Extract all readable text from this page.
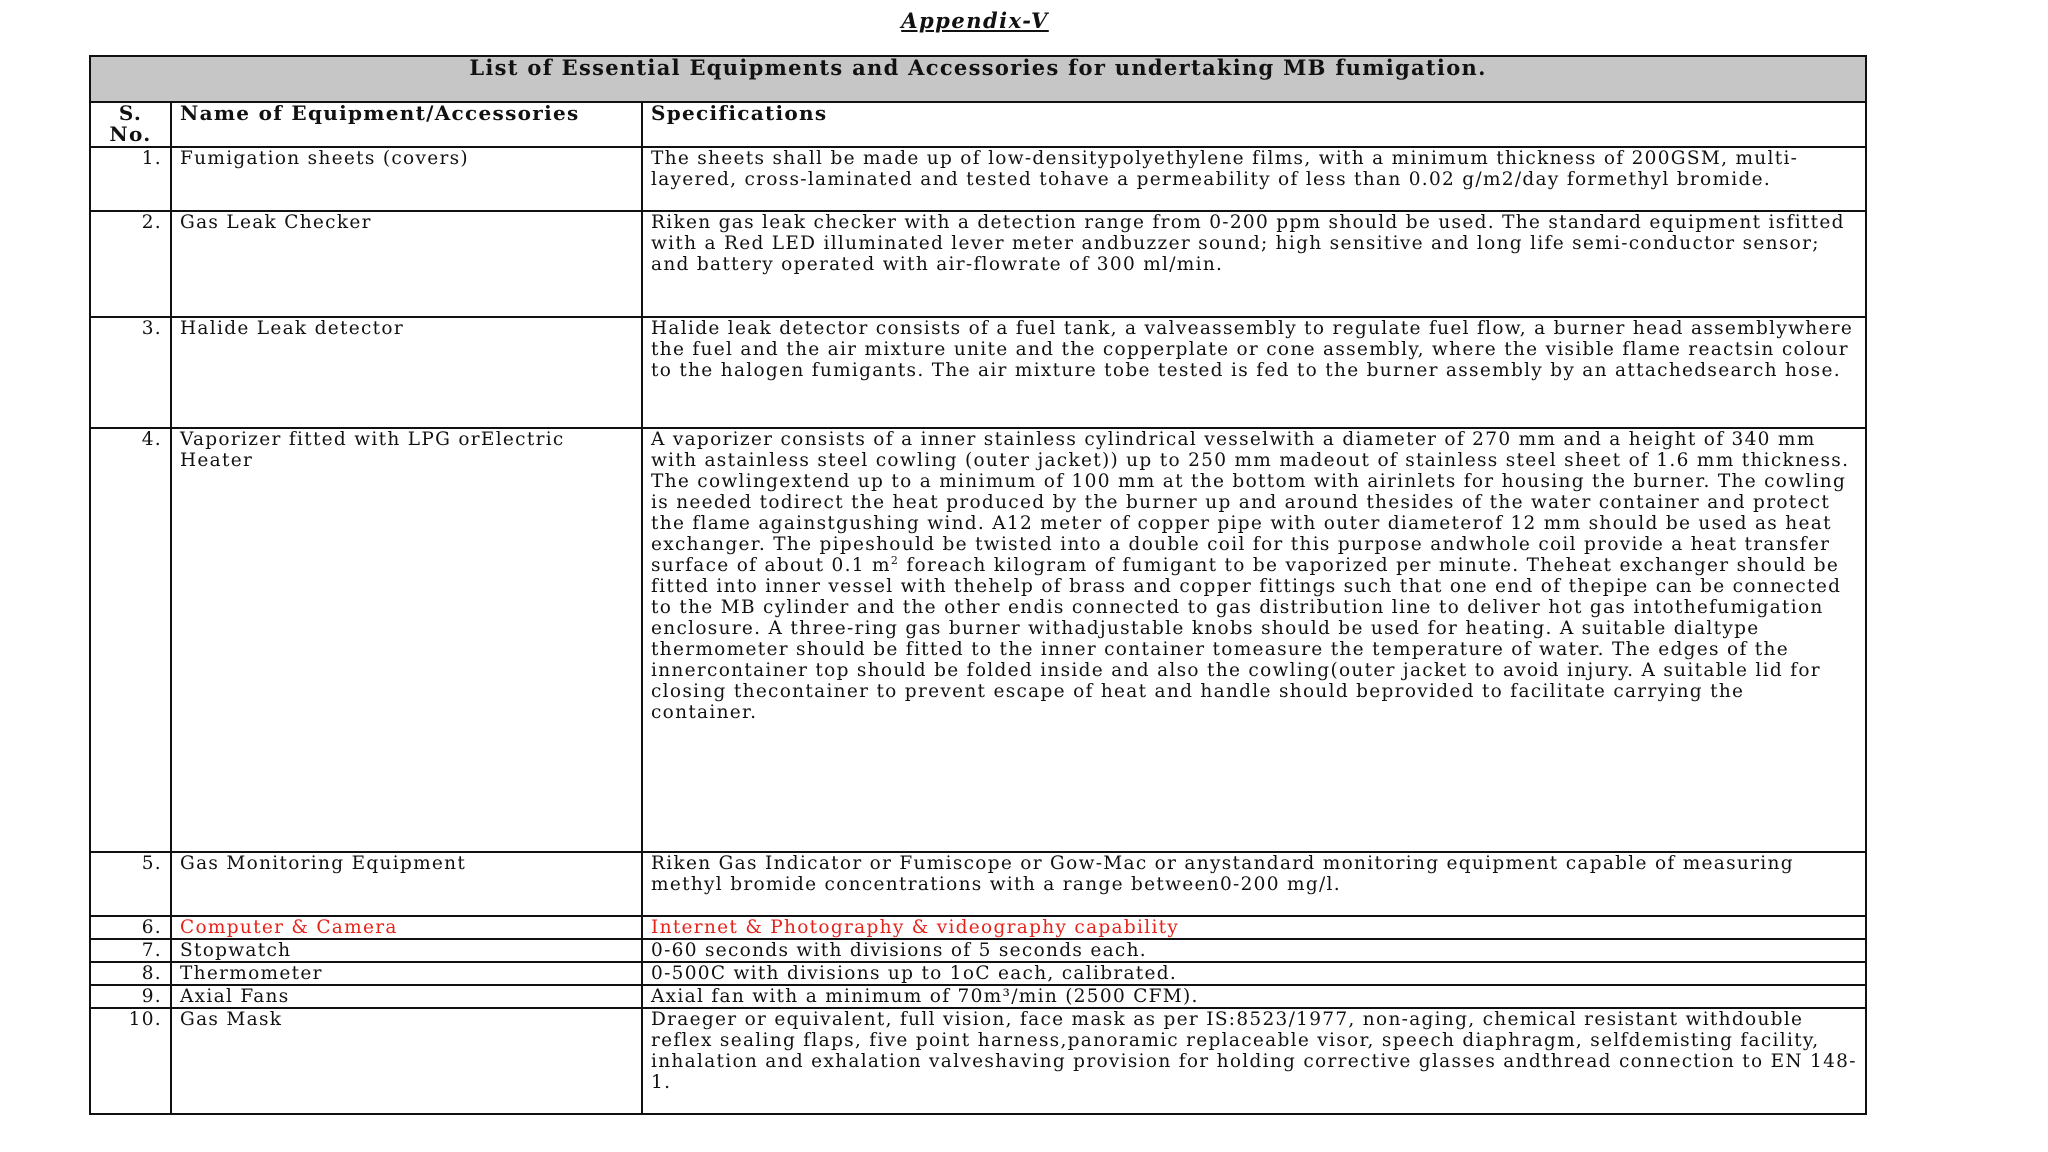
Appendix-V
List of Essential Equipments and Accessories for undertaking MB fumigation.		
S. No.	Name of Equipment/Accessories	Specifications
1.	Fumigation sheets (covers)	The sheets shall be made up of low-densitypolyethylene films, with a minimum thickness of 200GSM, multi-layered, cross-laminated and tested tohave a permeability of less than 0.02 g/m2/day formethyl bromide.
2.	Gas Leak Checker	Riken gas leak checker with a detection range from 0-200 ppm should be used. The standard equipment isfitted with a Red LED illuminated lever meter andbuzzer sound; high sensitive and long life semi-conductor sensor; and battery operated with air-flowrate of 300 ml/min.
3.	Halide Leak detector	Halide leak detector consists of a fuel tank, a valveassembly to regulate fuel flow, a burner head assemblywhere the fuel and the air mixture unite and the copperplate or cone assembly, where the visible flame reactsin colour to the halogen fumigants. The air mixture tobe tested is fed to the burner assembly by an attachedsearch hose.
4.	Vaporizer fitted with LPG orElectric Heater	A vaporizer consists of a inner stainless cylindrical vesselwith a diameter of 270 mm and a height of 340 mm with astainless steel cowling (outer jacket)) up to 250 mm madeout of stainless steel sheet of 1.6 mm thickness. The cowlingextend up to a minimum of 100 mm at the bottom with airinlets for housing the burner. The cowling is needed todirect the heat produced by the burner up and around thesides of the water container and protect the flame againstgushing wind. A12 meter of copper pipe with outer diameterof 12 mm should be used as heat exchanger. The pipeshould be twisted into a double coil for this purpose andwhole coil provide a heat transfer surface of about 0.1 $m^2$ foreach kilogram of fumigant to be vaporized per minute. Theheat exchanger should be fitted into inner vessel with thehelp of brass and copper fittings such that one end of thepipe can be connected to the MB cylinder and the other endis connected to gas distribution line to deliver hot gas intothefumigation enclosure. A three-ring gas burner withadjustable knobs should be used for heating. A suitable dialtype thermometer should be fitted to the inner container tomeasure the temperature of water. The edges of the innercontainer top should be folded inside and also the cowling(outer jacket to avoid injury. A suitable lid for closing thecontainer to prevent escape of heat and handle should beprovided to facilitate carrying the container.
5.	Gas Monitoring Equipment	Riken Gas Indicator or Fumiscope or Gow-Mac or anystandard monitoring equipment capable of measuring methyl bromide concentrations with a range between0-200 mg/l.
6.	Computer & Camera	Internet & Photography & videography capability
7.	Stopwatch	0-60 seconds with divisions of 5 seconds each.
8.	Thermometer	0-500C with divisions up to 1oC each, calibrated.
9.	Axial Fans	Axial fan with a minimum of 70m³/min (2500 CFM).
10.	Gas Mask	Draeger or equivalent, full vision, face mask as per IS:8523/1977, non-aging, chemical resistant withdouble reflex sealing flaps, five point harness,panoramic replaceable visor, speech diaphragm, selfdemisting facility, inhalation and exhalation valveshaving provision for holding corrective glasses andthread connection to EN 148-1.
